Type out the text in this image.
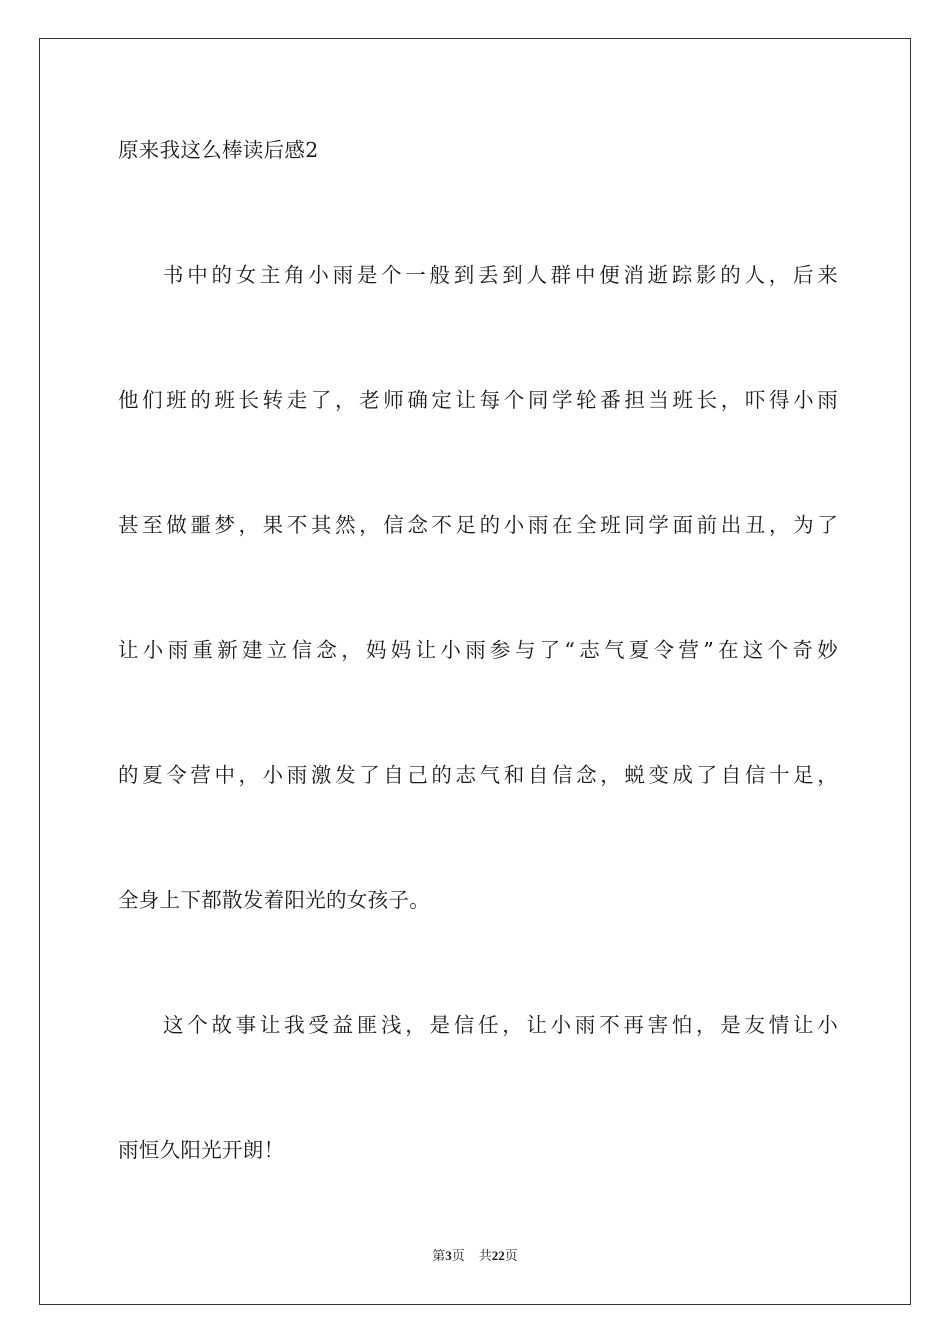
原来我这么棒读后感2
书中的女主角小雨是个一般到丢到人群中便消逝踪影的人，后来
他们班的班长转走了，老师确定让每个同学轮番担当班长，吓得小雨
甚至做噩梦，果不其然，信念不足的小雨在全班同学面前出丑，为了
让小雨重新建立信念，妈妈让小雨参与了“志气夏令营”在这个奇妙
的夏令营中，小雨激发了自己的志气和自信念，蜕变成了自信十足，
全身上下都散发着阳光的女孩子。
这个故事让我受益匪浅，是信任，让小雨不再害怕，是友情让小
雨恒久阳光开朗！
第3页 共22页
